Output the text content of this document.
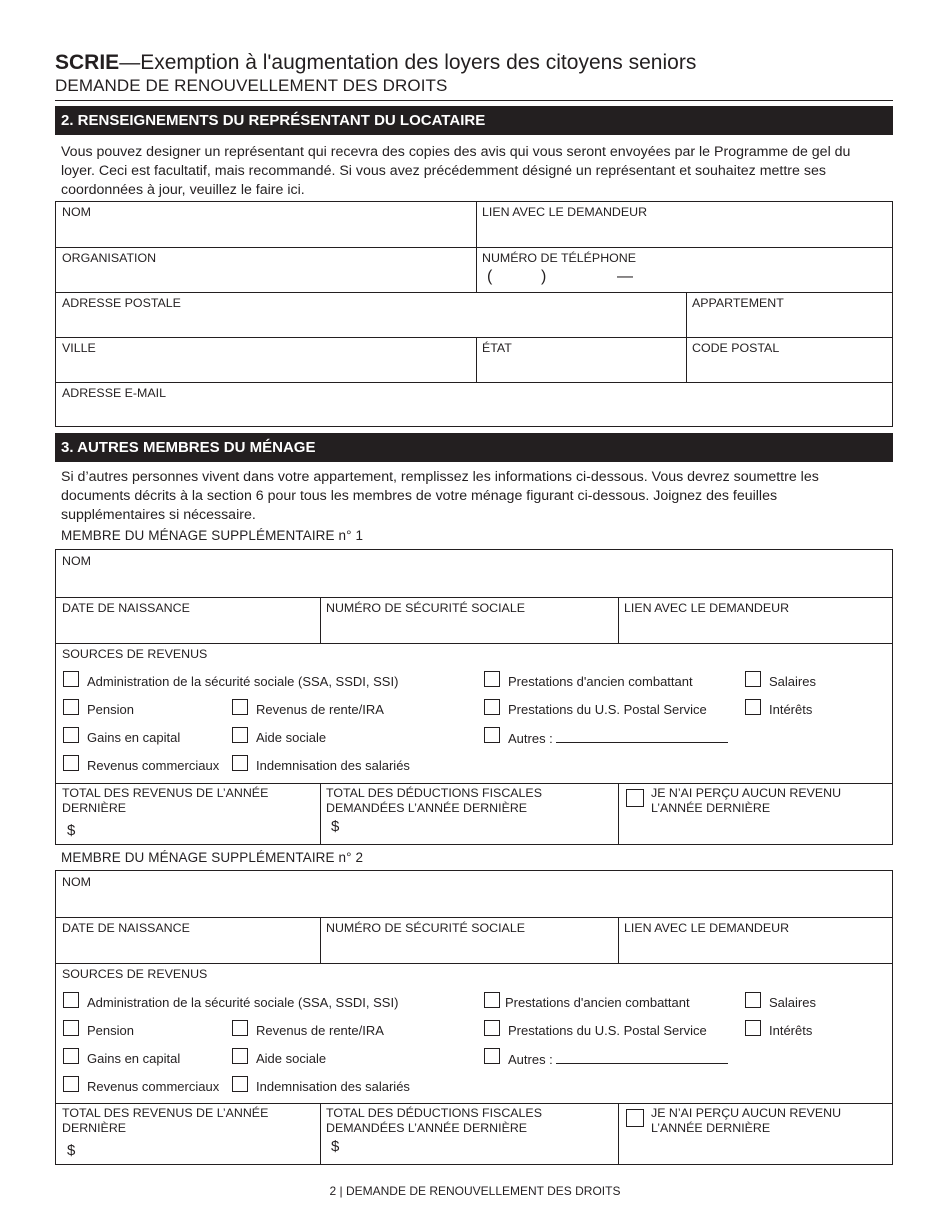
SCRIE—Exemption à l'augmentation des loyers des citoyens seniors
DEMANDE DE RENOUVELLEMENT DES DROITS
2. RENSEIGNEMENTS DU REPRÉSENTANT DU LOCATAIRE
Vous pouvez designer un représentant qui recevra des copies des avis qui vous seront envoyées par le Programme de gel du loyer. Ceci est facultatif, mais recommandé. Si vous avez précédemment désigné un représentant et souhaitez mettre ses coordonnées à jour, veuillez le faire ici.
NOM	LIEN AVEC LE DEMANDEUR
ORGANISATION	NUMÉRO DE TÉLÉPHONE
(	)	—
ADRESSE POSTALE	APPARTEMENT
VILLE	ÉTAT	CODE POSTAL
ADRESSE E-MAIL
3. AUTRES MEMBRES DU MÉNAGE
Si d’autres personnes vivent dans votre appartement, remplissez les informations ci-dessous. Vous devrez soumettre les documents décrits à la section 6 pour tous les membres de votre ménage figurant ci-dessous. Joignez des feuilles supplémentaires si nécessaire.
MEMBRE DU MÉNAGE SUPPLÉMENTAIRE n° 1
NOM
DATE DE NAISSANCE	NUMÉRO DE SÉCURITÉ SOCIALE	LIEN AVEC LE DEMANDEUR
SOURCES DE REVENUS
Administration de la sécurité sociale (SSA, SSDI, SSI)	Prestations d'ancien combattant	Salaires
Pension	Revenus de rente/IRA	Prestations du U.S. Postal Service	Intérêts
Gains en capital	Aide sociale	Autres :
Revenus commerciaux	Indemnisation des salariés
TOTAL DES REVENUS DE L’ANNÉE DERNIÈRE
$
TOTAL DES DÉDUCTIONS FISCALES DEMANDÉES L’ANNÉE DERNIÈRE
$
JE N’AI PERÇU AUCUN REVENU L’ANNÉE DERNIÈRE
MEMBRE DU MÉNAGE SUPPLÉMENTAIRE n° 2
NOM
DATE DE NAISSANCE	NUMÉRO DE SÉCURITÉ SOCIALE	LIEN AVEC LE DEMANDEUR
SOURCES DE REVENUS
Administration de la sécurité sociale (SSA, SSDI, SSI)	Prestations d'ancien combattant	Salaires
Pension	Revenus de rente/IRA	Prestations du U.S. Postal Service	Intérêts
Gains en capital	Aide sociale	Autres :
Revenus commerciaux	Indemnisation des salariés
TOTAL DES REVENUS DE L’ANNÉE DERNIÈRE
$
TOTAL DES DÉDUCTIONS FISCALES DEMANDÉES L’ANNÉE DERNIÈRE
$
JE N’AI PERÇU AUCUN REVENU L’ANNÉE DERNIÈRE
2 | DEMANDE DE RENOUVELLEMENT DES DROITS
